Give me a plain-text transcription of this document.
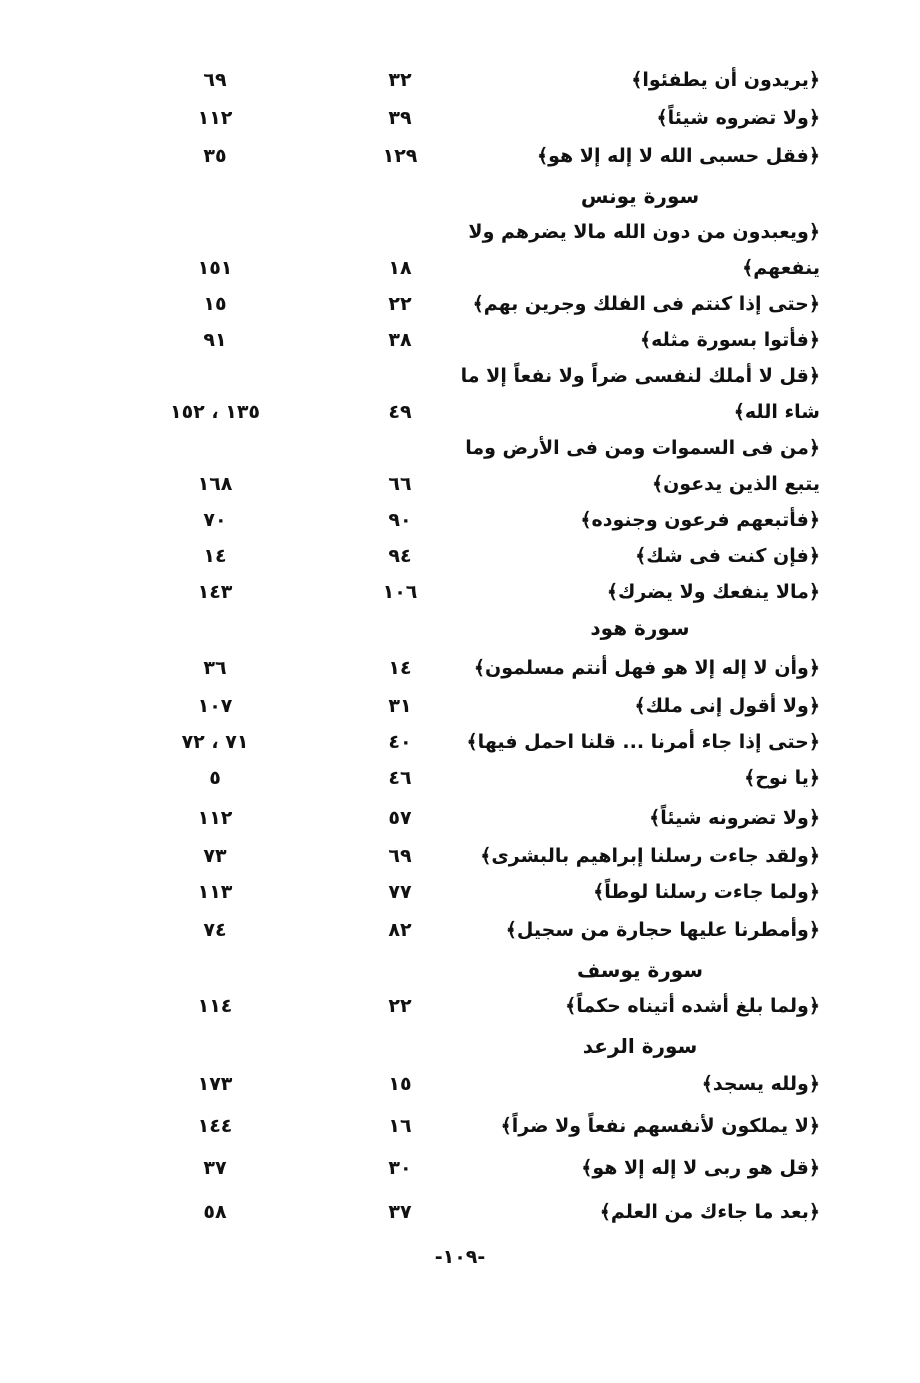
﴿يريدون أن يطفئوا﴾
٣٢
٦٩
﴿ولا تضروه شيئاً﴾
٣٩
١١٢
﴿فقل حسبى الله لا إله إلا هو﴾
١٢٩
٣٥
سورة يونس
﴿ويعبدون من دون الله مالا يضرهم ولا
ينفعهم﴾
١٨
١٥١
﴿حتى إذا كنتم فى الفلك وجرين بهم﴾
٢٢
١٥
﴿فأتوا بسورة مثله﴾
٣٨
٩١
﴿قل لا أملك لنفسى ضراً ولا نفعاً إلا ما
شاء الله﴾
٤٩
١٣٥ ، ١٥٢
﴿من فى السموات ومن فى الأرض وما
يتبع الذين يدعون﴾
٦٦
١٦٨
﴿فأتبعهم فرعون وجنوده﴾
٩٠
٧٠
﴿فإن كنت فى شك﴾
٩٤
١٤
﴿مالا ينفعك ولا يضرك﴾
١٠٦
١٤٣
سورة هود
﴿وأن لا إله إلا هو فهل أنتم مسلمون﴾
١٤
٣٦
﴿ولا أقول إنى ملك﴾
٣١
١٠٧
﴿حتى إذا جاء أمرنا ... قلنا احمل فيها﴾
٤٠
٧١ ، ٧٢
﴿يا نوح﴾
٤٦
٥
﴿ولا تضرونه شيئاً﴾
٥٧
١١٢
﴿ولقد جاءت رسلنا إبراهيم بالبشرى﴾
٦٩
٧٣
﴿ولما جاءت رسلنا لوطاً﴾
٧٧
١١٣
﴿وأمطرنا عليها حجارة من سجيل﴾
٨٢
٧٤
سورة يوسف
﴿ولما بلغ أشده أتيناه حكماً﴾
٢٢
١١٤
سورة الرعد
﴿ولله يسجد﴾
١٥
١٧٣
﴿لا يملكون لأنفسهم نفعاً ولا ضراً﴾
١٦
١٤٤
﴿قل هو ربى لا إله إلا هو﴾
٣٠
٣٧
﴿بعد ما جاءك من العلم﴾
٣٧
٥٨
-١٠٩-
